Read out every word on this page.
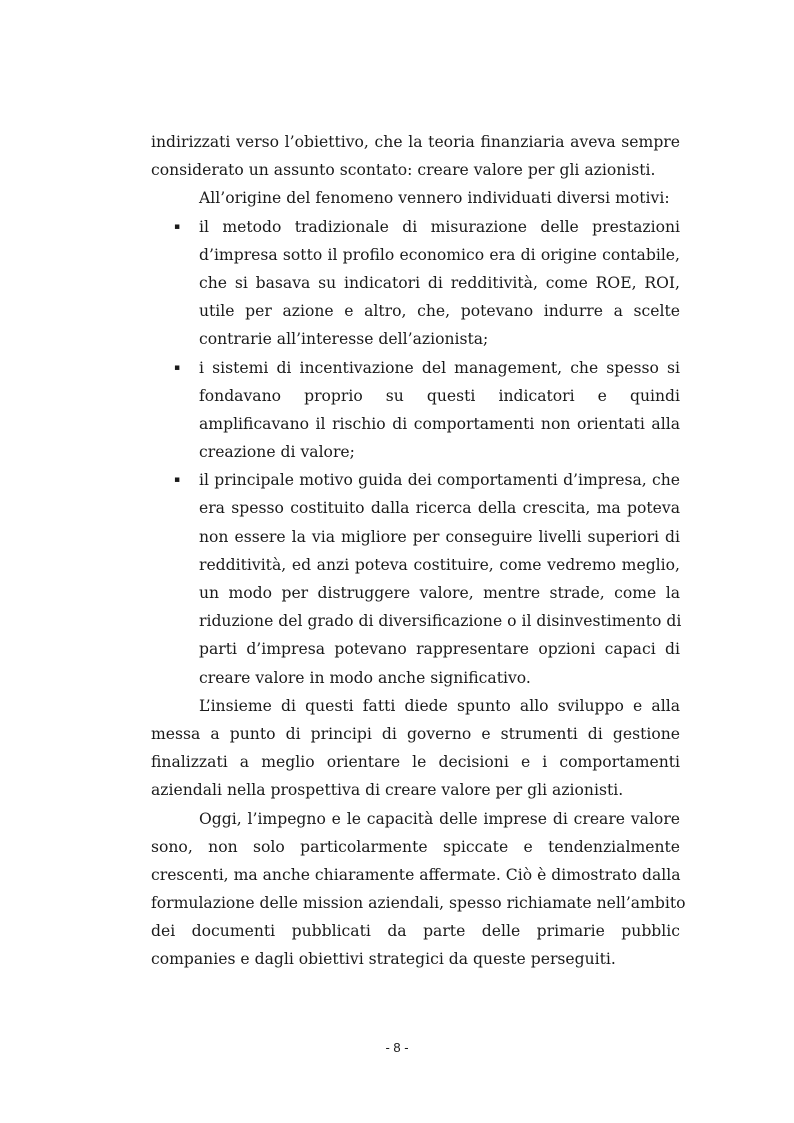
indirizzati verso l’obiettivo, che la teoria finanziaria aveva sempre
considerato un assunto scontato: creare valore per gli azionisti.
All’origine del fenomeno vennero individuati diversi motivi:
▪ il metodo tradizionale di misurazione delle prestazioni
d’impresa sotto il profilo economico era di origine contabile,
che si basava su indicatori di redditività, come ROE, ROI,
utile per azione e altro, che, potevano indurre a scelte
contrarie all’interesse dell’azionista;
▪ i sistemi di incentivazione del management, che spesso si
fondavano proprio su questi indicatori e quindi
amplificavano il rischio di comportamenti non orientati alla
creazione di valore;
▪ il principale motivo guida dei comportamenti d’impresa, che
era spesso costituito dalla ricerca della crescita, ma poteva
non essere la via migliore per conseguire livelli superiori di
redditività, ed anzi poteva costituire, come vedremo meglio,
un modo per distruggere valore, mentre strade, come la
riduzione del grado di diversificazione o il disinvestimento di
parti d’impresa potevano rappresentare opzioni capaci di
creare valore in modo anche significativo.
L’insieme di questi fatti diede spunto allo sviluppo e alla
messa a punto di principi di governo e strumenti di gestione
finalizzati a meglio orientare le decisioni e i comportamenti
aziendali nella prospettiva di creare valore per gli azionisti.
Oggi, l’impegno e le capacità delle imprese di creare valore
sono, non solo particolarmente spiccate e tendenzialmente
crescenti, ma anche chiaramente affermate. Ciò è dimostrato dalla
formulazione delle mission aziendali, spesso richiamate nell’ambito
dei documenti pubblicati da parte delle primarie pubblic
companies e dagli obiettivi strategici da queste perseguiti.
- 8 -
